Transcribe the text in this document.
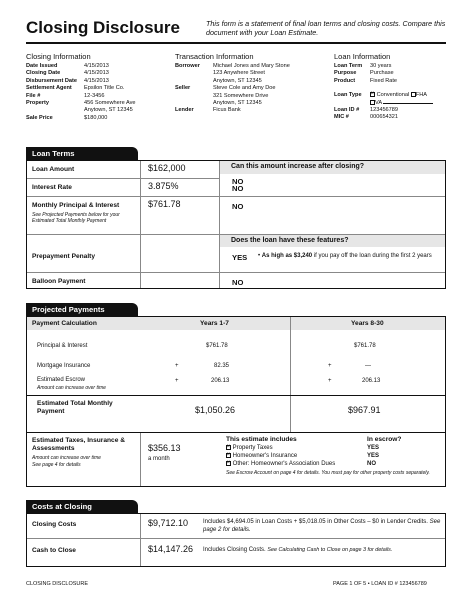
Closing Disclosure	This form is a statement of final loan terms and closing costs. Compare this document with your Loan Estimate.
Closing Information
Date Issued	4/15/2013
Closing Date	4/15/2013
Disbursement Date 4/15/2013
Settlement Agent Epsilon Title Co.
File #	12-3456
Property	456 Somewhere Ave
Anytown, ST 12345
Sale Price	$180,000
Transaction Information
Borrower Michael Jones and Mary Stone
123 Anywhere Street
Anytown, ST 12345
Seller	Steve Cole and Amy Doe
321 Somewhere Drive
Anytown, ST 12345
Lender	Ficus Bank
Loan Information
Loan Term 30 years
Purpose Purchase
Product	Fixed Rate
Loan Type×	Conventional FHA
VA
Loan ID # 123456789
MIC #	000654321
Loan Terms
Can this amount increase after closing?
Loan Amount	$162,000
NO
Interest Rate	3.875%	NO
Monthly Principal & Interest
See Projected Payments below for your Estimated Total Monthly Payment
$761.78	NO
Does the loan have these features?
Prepayment Penalty	YES • As high as $3,240 if you pay off the loan during the first 2 years
Balloon Payment	NO
Projected Payments
Payment Calculation	Years 1-7	Years 8-30
Principal & Interest	$761.78	$761.78
Mortgage Insurance	+	82.35	+	—
Estimated Escrow
Amount can increase over time
+	206.13	+	206.13
Estimated Total Monthly Payment	$1,050.26	$967.91
Estimated Taxes, Insurance & Assessments
Amount can increase over time
See page 4 for details
$356.13
a month
This estimate includes	In escrow?
× Property Taxes	YES
× Homeowner's Insurance	YES
× Other: Homeowner's Association Dues	NO
See Escrow Account on page 4 for details. You must pay for other property costs separately.
Costs at Closing
Closing Costs	$9,712.10 Includes $4,694.05 in Loan Costs + $5,018.05 in Other Costs – $0 in Lender Credits. See page 2 for details.
Cash to Close	$14,147.26 Includes Closing Costs. See Calculating Cash to Close on page 3 for details.
CLOSING DISCLOSURE	PAGE 1 OF 5 • LOAN ID # 123456789
